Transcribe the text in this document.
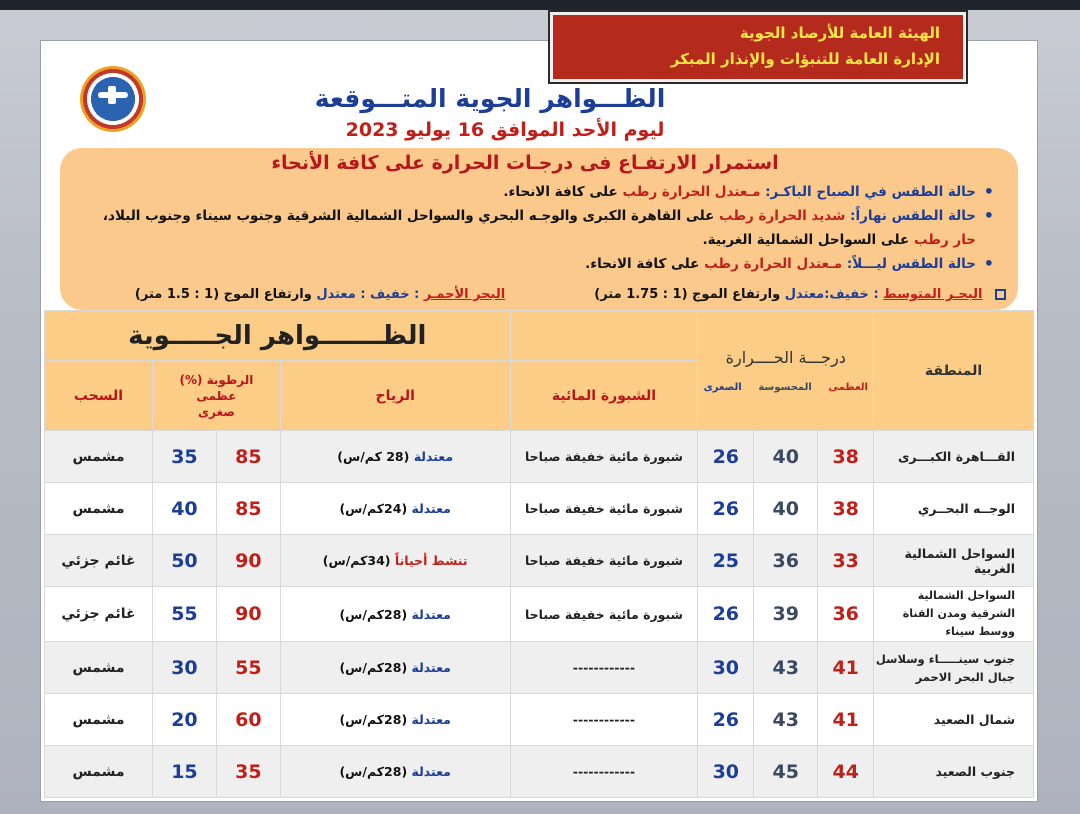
الهيئة العامة للأرصاد الجوية
الإدارة العامة للتنبؤات والإنذار المبكر
الظـــواهر الجوية المتـــوقعة
ليوم الأحد الموافق 16 يوليو 2023
استمرار الارتفـاع فى درجـات الحرارة على كافة الأنحاء
• حالة الطقس في الصباح الباكـر: مـعتدل الحرارة رطب على كافة الانحاء.
• حالة الطقس نهاراً: شديد الحرارة رطب على القاهرة الكبرى والوجـه البحري والسواحل الشمالية الشرقية وجنوب سيناء وجنوب البلاد،
حار رطب على السواحل الشمالية الغربية.
• حالة الطقس ليـــلاً: مـعتدل الحرارة رطب على كافة الانحاء.
البحـر المتوسط : خفيف:معتدل وارتفاع الموج (1 : 1.75 متر)  البحر الأحمـر : خفيف : معتدل وارتفاع الموج (1 : 1.5 متر)
المنطقة	درجـــة الحــــرارة
العظمى   المحسوسة   الصغرى				الظـــــــواهر الجـــــوية			
				الشبورة المائية	الرياح	الرطوبة (%)
عظمى
صغرى		السحب
القـــاهرة الكبـــرى	38	40	26	شبورة مائية خفيفة صباحا	معتدلة (28 كم/س)	85	35	مشمس
الوجــه البحــري	38	40	26	شبورة مائية خفيفة صباحا	معتدلة (24كم/س)	85	40	مشمس
السواحل الشمالية الغربية	33	36	25	شبورة مائية خفيفة صباحا	تنشط أحياناً (34كم/س)	90	50	غائم جزئي
السواحل الشمالية الشرقية ومدن القناة ووسط سيناء	36	39	26	شبورة مائية خفيفة صباحا	معتدلة (28كم/س)	90	55	غائم جزئي
جنوب سينـــــاء وسلاسل جبال البحر الاحمر	41	43	30	------------	معتدلة (28كم/س)	55	30	مشمس
شمال الصعيد	41	43	26	------------	معتدلة (28كم/س)	60	20	مشمس
جنوب الصعيد	44	45	30	------------	معتدلة (28كم/س)	35	15	مشمس
